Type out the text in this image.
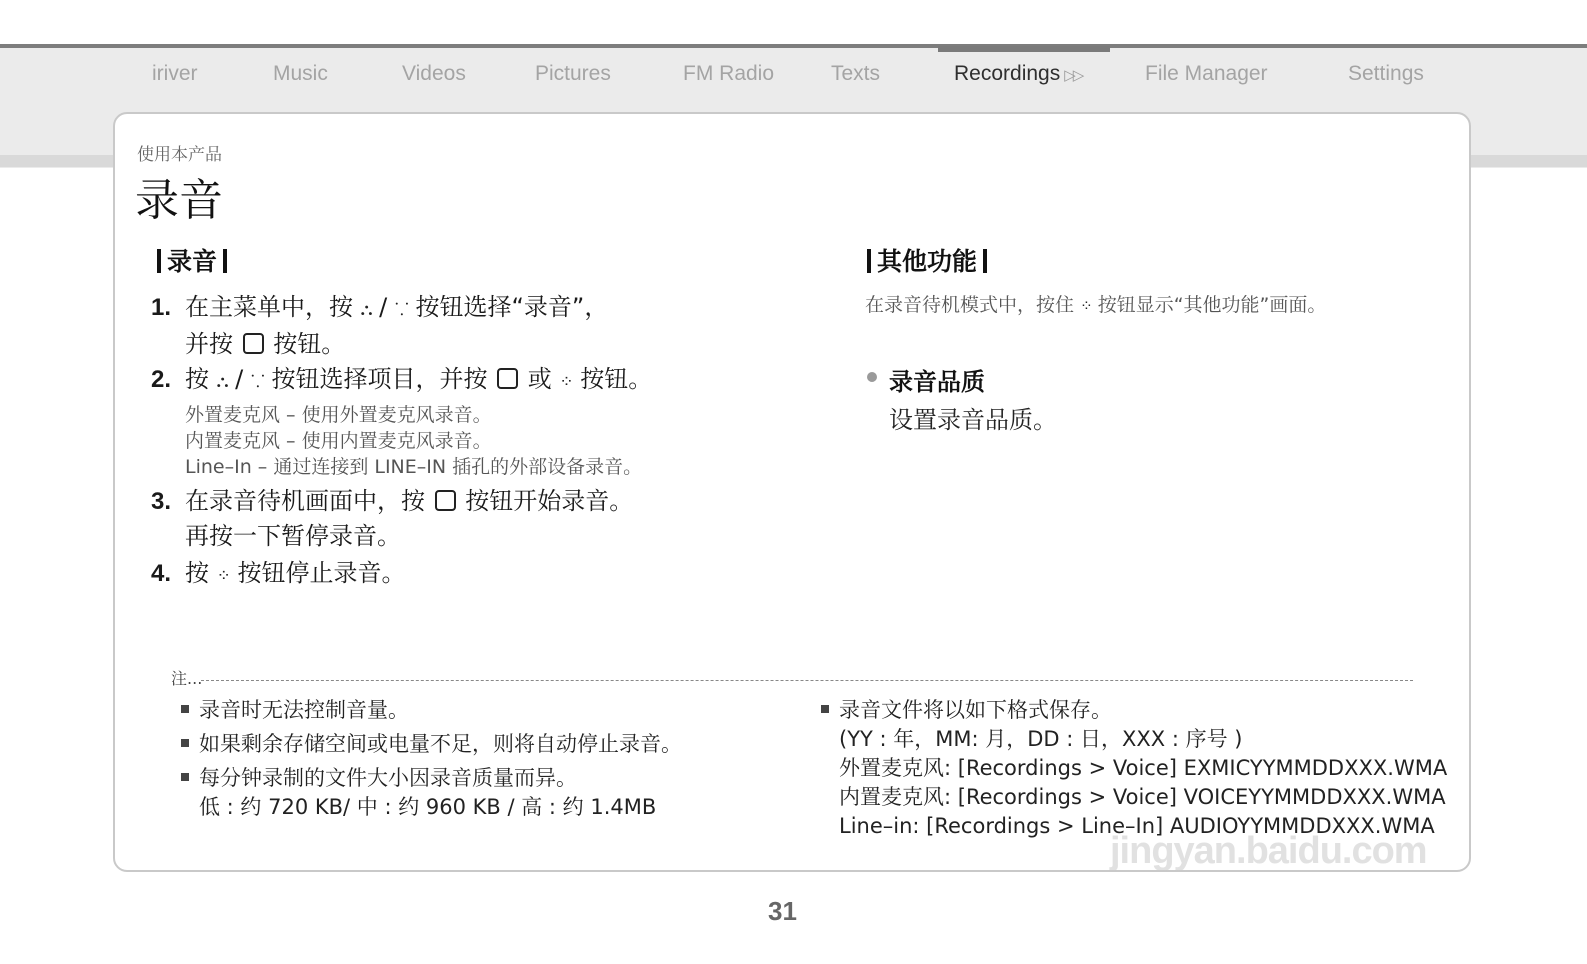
iriver	Music	Videos	Pictures	FM Radio	Texts	Recordings ▷▷	File Manager	Settings
使用本产品
录音
录音
1. 在主菜单中，按 ⛬ / ⸪ 按钮选择“录音”，
并按 按钮。
2. 按 ⛬ / ⸪ 按钮选择项目，并按 或 ⁘ 按钮。
外置麦克风 – 使用外置麦克风录音。
内置麦克风 – 使用内置麦克风录音。
Line–In – 通过连接到 LINE–IN 插孔的外部设备录音。
3. 在录音待机画面中，按 按钮开始录音。
再按一下暂停录音。
4. 按 ⁘ 按钮停止录音。
其他功能
在录音待机模式中，按住 ⁘ 按钮显示“其他功能”画面。
录音品质
设置录音品质。
注...
录音时无法控制音量。
如果剩余存储空间或电量不足，则将自动停止录音。
每分钟录制的文件大小因录音质量而异。
低 : 约 720 KB/ 中 : 约 960 KB / 高 : 约 1.4MB
录音文件将以如下格式保存。
(YY : 年，MM: 月，DD : 日，XXX : 序号 )
外置麦克风: [Recordings > Voice] EXMICYYMMDDXXX.WMA
内置麦克风: [Recordings > Voice] VOICEYYMMDDXXX.WMA
Line–in: [Recordings > Line–In] AUDIOYYMMDDXXX.WMA
jingyan.baidu.com
31
